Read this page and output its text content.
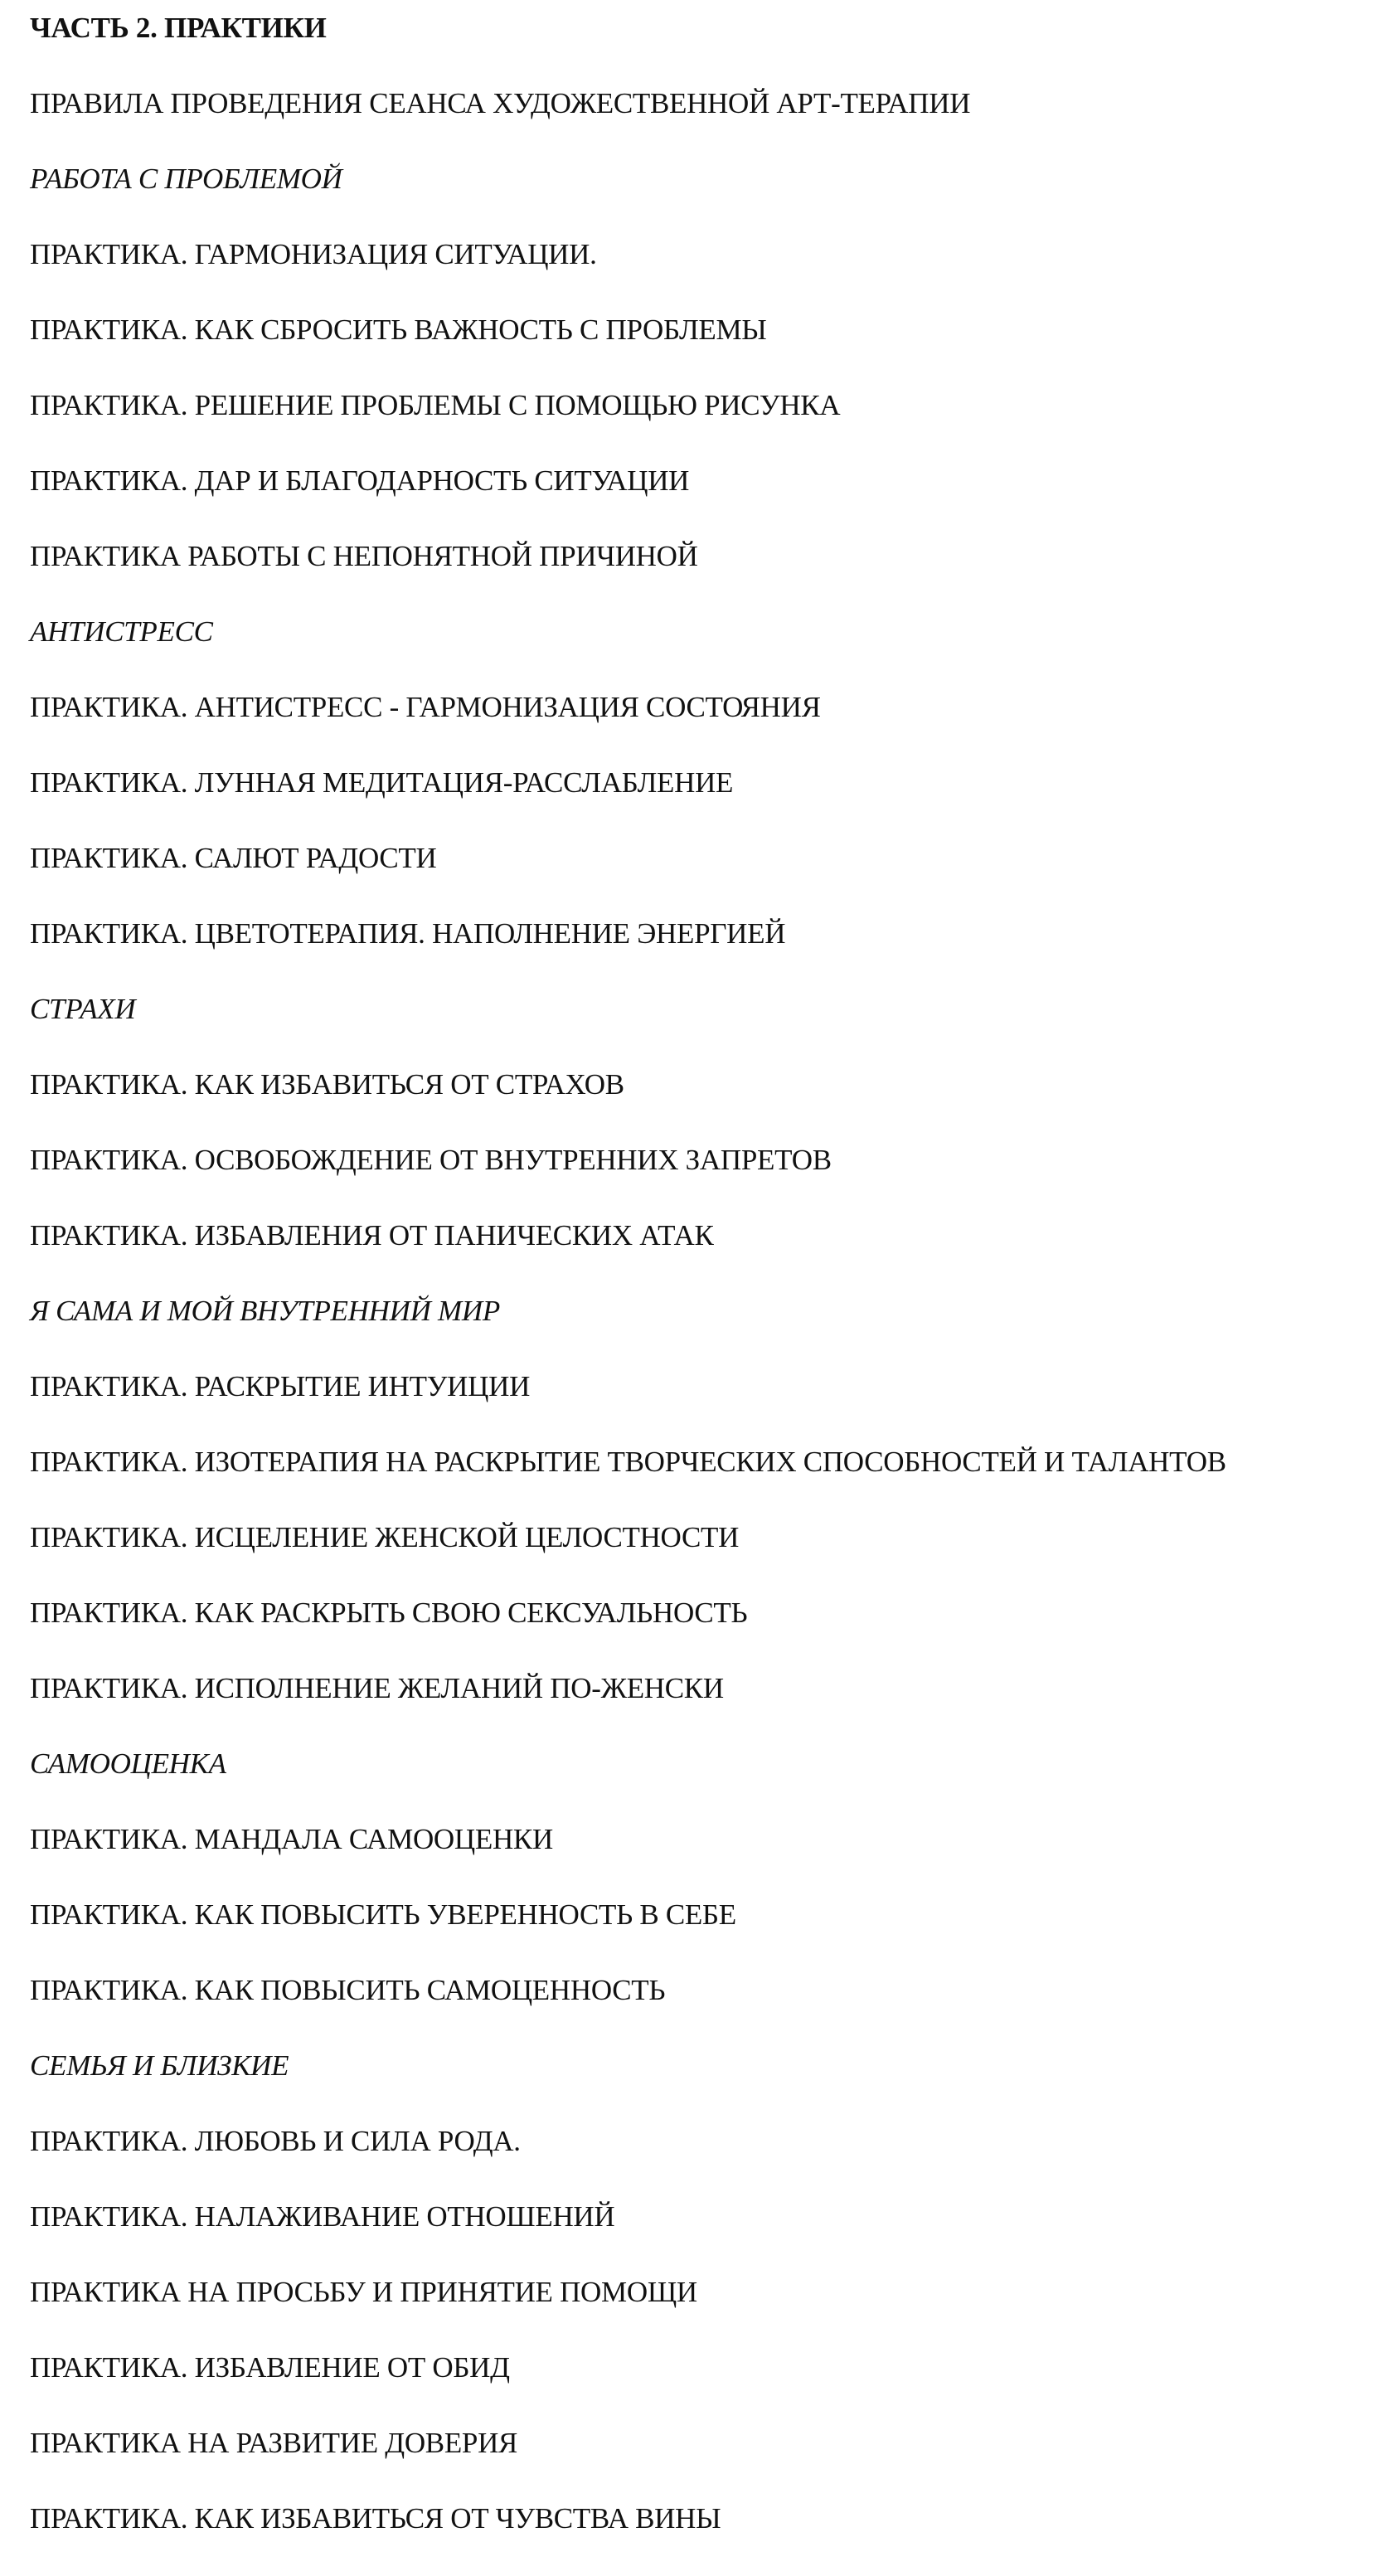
ЧАСТЬ 2. ПРАКТИКИ
ПРАВИЛА ПРОВЕДЕНИЯ СЕАНСА ХУДОЖЕСТВЕННОЙ АРТ-ТЕРАПИИ
РАБОТА С ПРОБЛЕМОЙ
ПРАКТИКА. ГАРМОНИЗАЦИЯ СИТУАЦИИ.
ПРАКТИКА. КАК СБРОСИТЬ ВАЖНОСТЬ С ПРОБЛЕМЫ
ПРАКТИКА. РЕШЕНИЕ ПРОБЛЕМЫ С ПОМОЩЬЮ РИСУНКА
ПРАКТИКА. ДАР И БЛАГОДАРНОСТЬ СИТУАЦИИ
ПРАКТИКА РАБОТЫ С НЕПОНЯТНОЙ ПРИЧИНОЙ
АНТИСТРЕСС
ПРАКТИКА. АНТИСТРЕСС - ГАРМОНИЗАЦИЯ СОСТОЯНИЯ
ПРАКТИКА. ЛУННАЯ МЕДИТАЦИЯ-РАССЛАБЛЕНИЕ
ПРАКТИКА. САЛЮТ РАДОСТИ
ПРАКТИКА. ЦВЕТОТЕРАПИЯ. НАПОЛНЕНИЕ ЭНЕРГИЕЙ
СТРАХИ
ПРАКТИКА. КАК ИЗБАВИТЬСЯ ОТ СТРАХОВ
ПРАКТИКА. ОСВОБОЖДЕНИЕ ОТ ВНУТРЕННИХ ЗАПРЕТОВ
ПРАКТИКА. ИЗБАВЛЕНИЯ ОТ ПАНИЧЕСКИХ АТАК
Я САМА И МОЙ ВНУТРЕННИЙ МИР
ПРАКТИКА. РАСКРЫТИЕ ИНТУИЦИИ
ПРАКТИКА. ИЗОТЕРАПИЯ НА РАСКРЫТИЕ ТВОРЧЕСКИХ СПОСОБНОСТЕЙ И ТАЛАНТОВ
ПРАКТИКА. ИСЦЕЛЕНИЕ ЖЕНСКОЙ ЦЕЛОСТНОСТИ
ПРАКТИКА. КАК РАСКРЫТЬ СВОЮ СЕКСУАЛЬНОСТЬ
ПРАКТИКА. ИСПОЛНЕНИЕ ЖЕЛАНИЙ ПО-ЖЕНСКИ
САМООЦЕНКА
ПРАКТИКА. МАНДАЛА САМООЦЕНКИ
ПРАКТИКА. КАК ПОВЫСИТЬ УВЕРЕННОСТЬ В СЕБЕ
ПРАКТИКА. КАК ПОВЫСИТЬ САМОЦЕННОСТЬ
СЕМЬЯ И БЛИЗКИЕ
ПРАКТИКА. ЛЮБОВЬ И СИЛА РОДА.
ПРАКТИКА. НАЛАЖИВАНИЕ ОТНОШЕНИЙ
ПРАКТИКА НА ПРОСЬБУ И ПРИНЯТИЕ ПОМОЩИ
ПРАКТИКА. ИЗБАВЛЕНИЕ ОТ ОБИД
ПРАКТИКА НА РАЗВИТИЕ ДОВЕРИЯ
ПРАКТИКА. КАК ИЗБАВИТЬСЯ ОТ ЧУВСТВА ВИНЫ
